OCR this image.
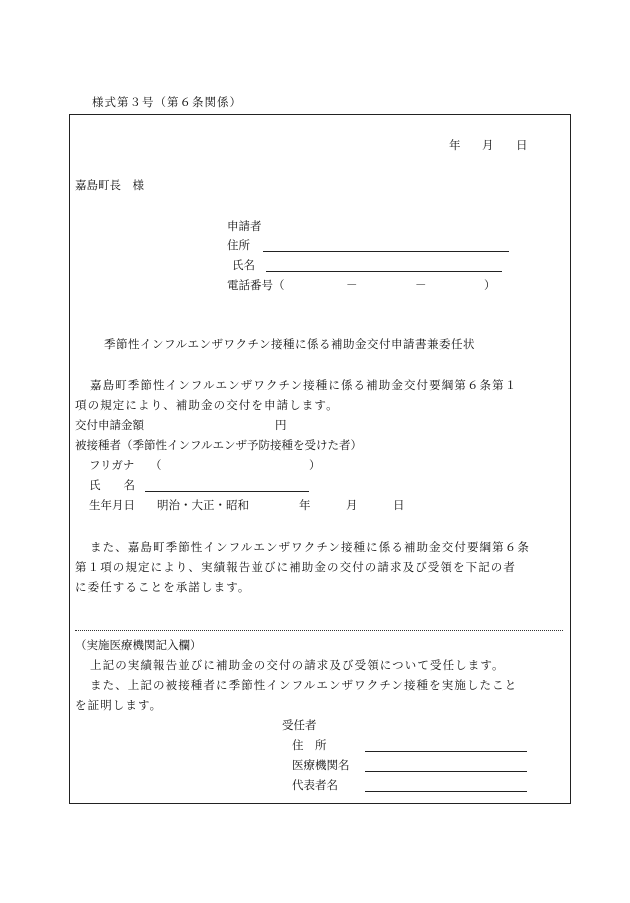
様式第３号（第６条関係）
年 月 日
嘉島町長　様
申請者
住所
氏名
電話番号（	－	－	）
季節性インフルエンザワクチン接種に係る補助金交付申請書兼委任状
嘉島町季節性インフルエンザワクチン接種に係る補助金交付要綱第６条第１
項の規定により、補助金の交付を申請します。
交付申請金額	円
被接種者（季節性インフルエンザ予防接種を受けた者）
フリガナ （	）
氏　　名
生年月日 明治・大正・昭和	年	月	日
また、嘉島町季節性インフルエンザワクチン接種に係る補助金交付要綱第６条
第１項の規定により、実績報告並びに補助金の交付の請求及び受領を下記の者
に委任することを承諾します。
（実施医療機関記入欄）
上記の実績報告並びに補助金の交付の請求及び受領について受任します。
また、上記の被接種者に季節性インフルエンザワクチン接種を実施したこと
を証明します。
受任者
住　所
医療機関名
代表者名
